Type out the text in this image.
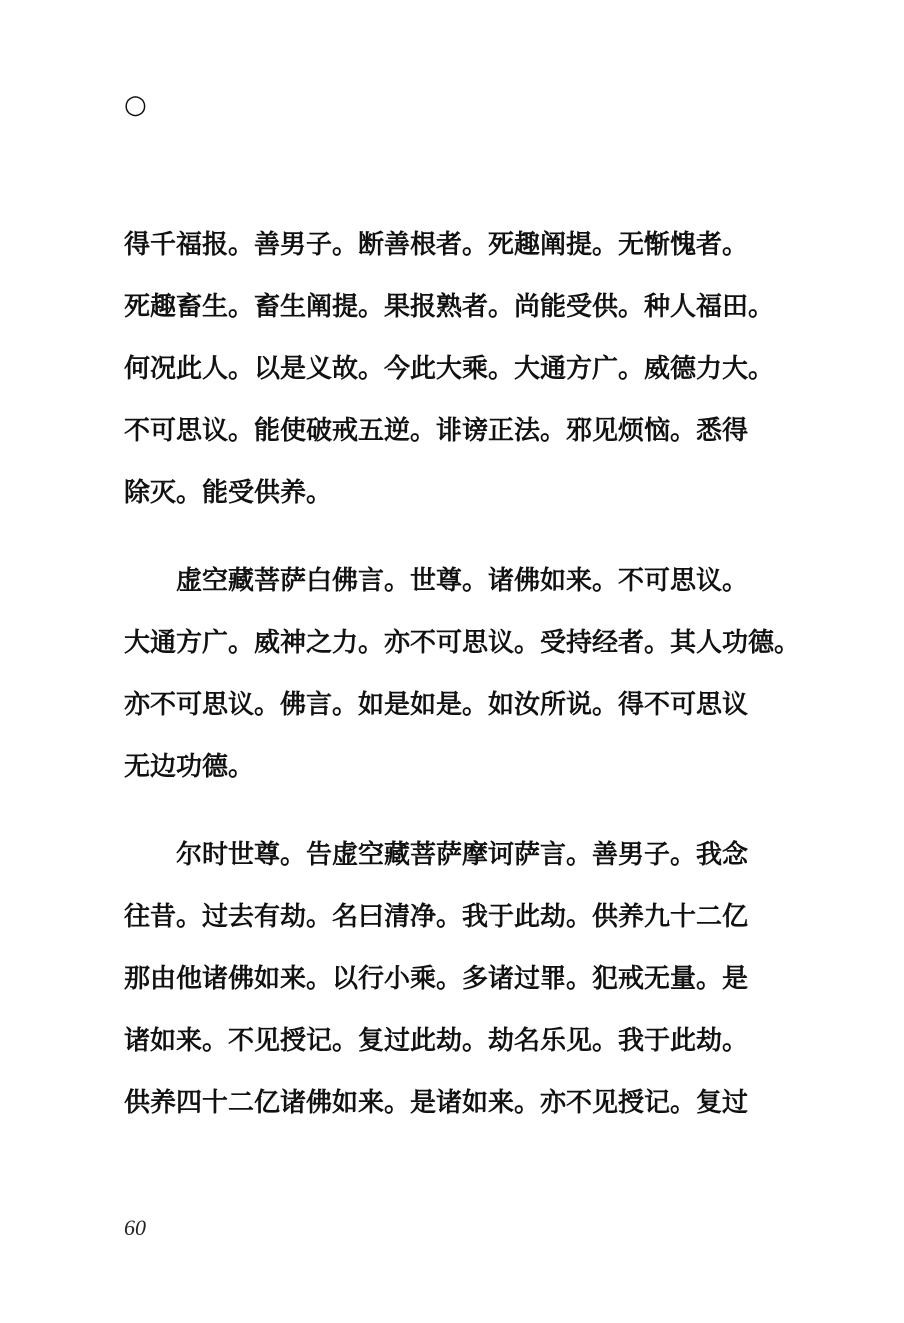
○
得千福报。善男子。断善根者。死趣阐提。无惭愧者。
死趣畜生。畜生阐提。果报熟者。尚能受供。种人福田。
何况此人。以是义故。今此大乘。大通方广。威德力大。
不可思议。能使破戒五逆。诽谤正法。邪见烦恼。悉得
除灭。能受供养。
虚空藏菩萨白佛言。世尊。诸佛如来。不可思议。
大通方广。威神之力。亦不可思议。受持经者。其人功德。
亦不可思议。佛言。如是如是。如汝所说。得不可思议
无边功德。
尔时世尊。告虚空藏菩萨摩诃萨言。善男子。我念
往昔。过去有劫。名曰清净。我于此劫。供养九十二亿
那由他诸佛如来。以行小乘。多诸过罪。犯戒无量。是
诸如来。不见授记。复过此劫。劫名乐见。我于此劫。
供养四十二亿诸佛如来。是诸如来。亦不见授记。复过
60
